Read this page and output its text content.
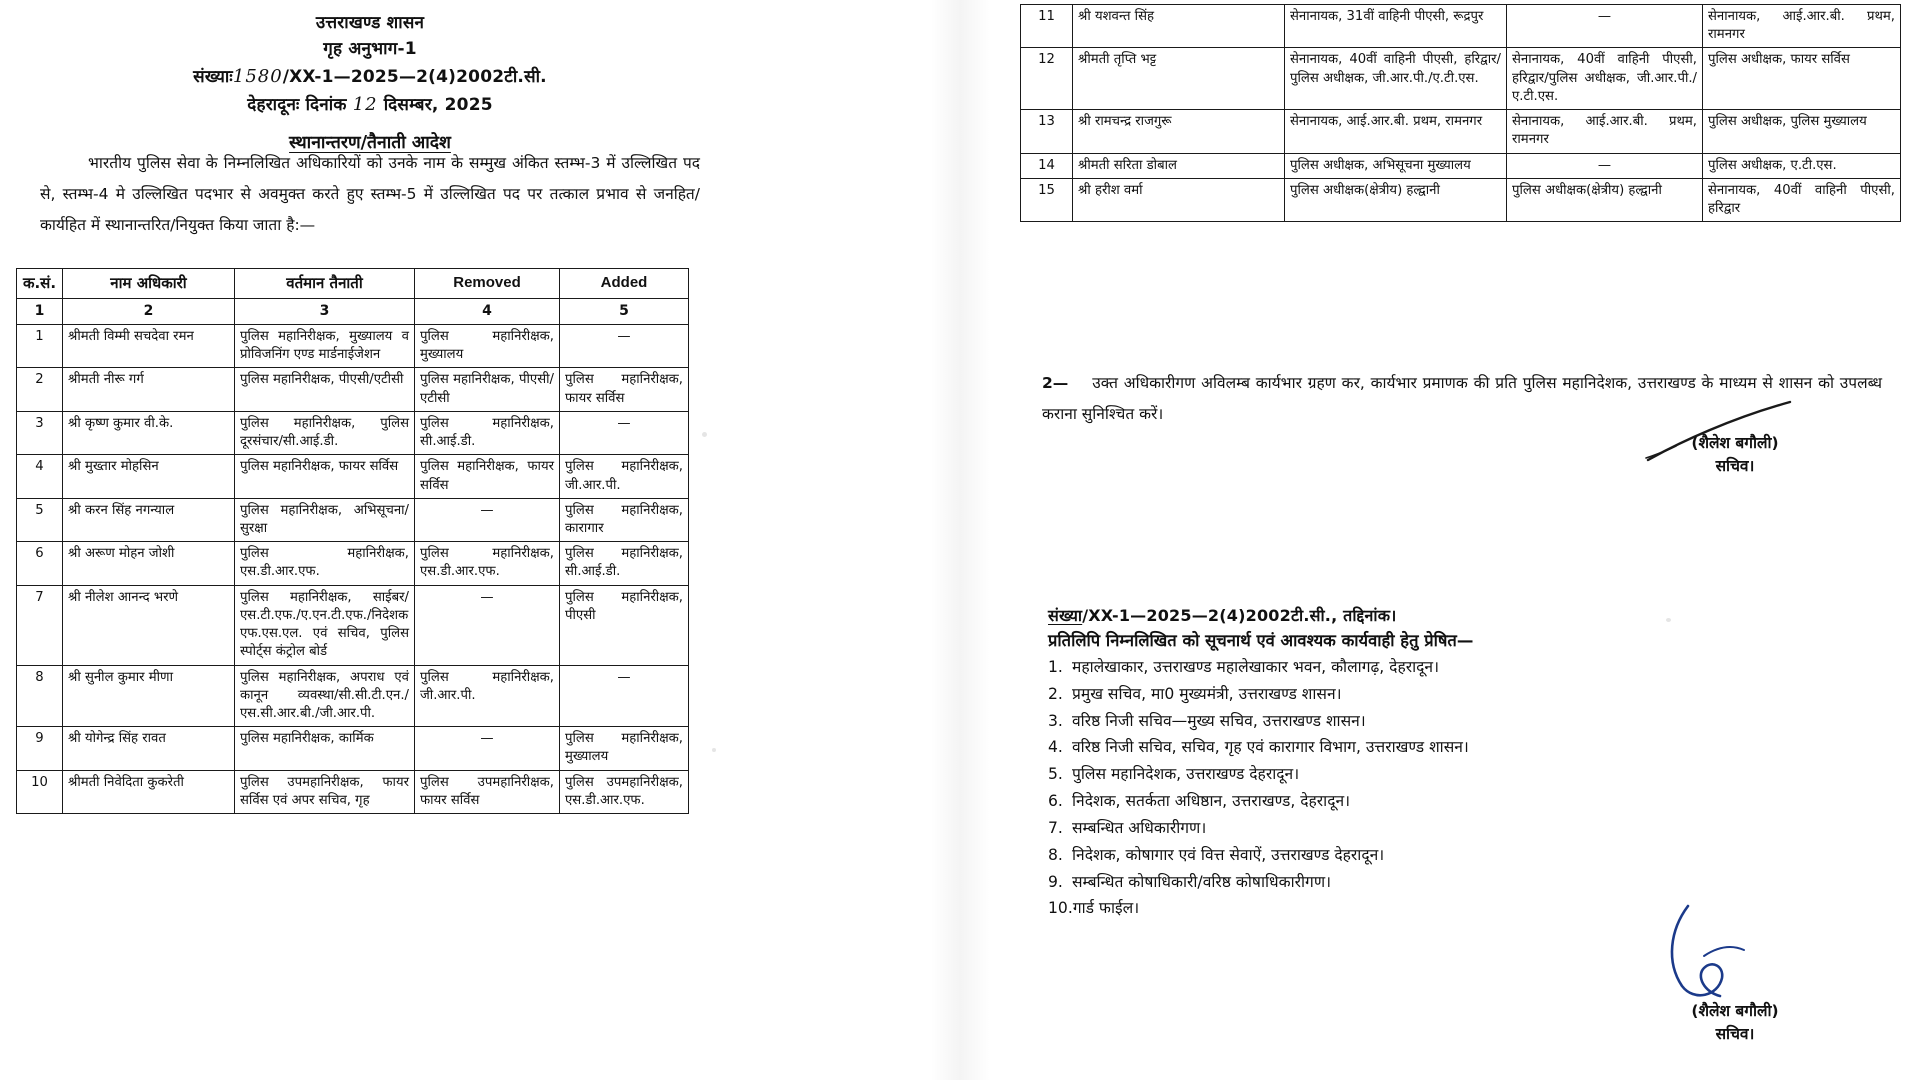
उत्तराखण्ड शासन
गृह अनुभाग-1
संख्याः1580/XX-1—2025—2(4)2002टी.सी.
देहरादूनः दिनांक 12 दिसम्बर, 2025
स्थानान्तरण/तैनाती आदेश
भारतीय पुलिस सेवा के निम्नलिखित अधिकारियों को उनके नाम के सम्मुख अंकित स्तम्भ-3 में उल्लिखित पद से, स्तम्भ-4 मे उल्लिखित पदभार से अवमुक्त करते हुए स्तम्भ-5 में उल्लिखित पद पर तत्काल प्रभाव से जनहित/कार्यहित में स्थानान्तरित/नियुक्त किया जाता है:—
क.सं.	नाम अधिकारी	वर्तमान तैनाती	Removed	Added
1	2	3	4	5
1	श्रीमती विम्मी सचदेवा रमन	पुलिस महानिरीक्षक, मुख्यालय व प्रोविजनिंग एण्ड मार्डनाईजेशन	पुलिस महानिरीक्षक, मुख्यालय	—
2	श्रीमती नीरू गर्ग	पुलिस महानिरीक्षक, पीएसी/एटीसी	पुलिस महानिरीक्षक, पीएसी/एटीसी	पुलिस महानिरीक्षक, फायर सर्विस
3	श्री कृष्ण कुमार वी.के.	पुलिस महानिरीक्षक, पुलिस दूरसंचार/सी.आई.डी.	पुलिस महानिरीक्षक, सी.आई.डी.	—
4	श्री मुख्तार मोहसिन	पुलिस महानिरीक्षक, फायर सर्विस	पुलिस महानिरीक्षक, फायर सर्विस	पुलिस महानिरीक्षक, जी.आर.पी.
5	श्री करन सिंह नगन्याल	पुलिस महानिरीक्षक, अभिसूचना/सुरक्षा	—	पुलिस महानिरीक्षक, कारागार
6	श्री अरूण मोहन जोशी	पुलिस महानिरीक्षक, एस.डी.आर.एफ.	पुलिस महानिरीक्षक, एस.डी.आर.एफ.	पुलिस महानिरीक्षक, सी.आई.डी.
7	श्री नीलेश आनन्द भरणे	पुलिस महानिरीक्षक, साईबर/एस.टी.एफ./ए.एन.टी.एफ./निदेशक एफ.एस.एल. एवं सचिव, पुलिस स्पोर्ट्स कंट्रोल बोर्ड	—	पुलिस महानिरीक्षक, पीएसी
8	श्री सुनील कुमार मीणा	पुलिस महानिरीक्षक, अपराध एवं कानून व्यवस्था/सी.सी.टी.एन./एस.सी.आर.बी./जी.आर.पी.	पुलिस महानिरीक्षक, जी.आर.पी.	—
9	श्री योगेन्द्र सिंह रावत	पुलिस महानिरीक्षक, कार्मिक	—	पुलिस महानिरीक्षक, मुख्यालय
10	श्रीमती निवेदिता कुकरेती	पुलिस उपमहानिरीक्षक, फायर सर्विस एवं अपर सचिव, गृह	पुलिस उपमहानिरीक्षक, फायर सर्विस	पुलिस उपमहानिरीक्षक, एस.डी.आर.एफ.
11	श्री यशवन्त सिंह	सेनानायक, 31वीं वाहिनी पीएसी, रूद्रपुर	—	सेनानायक, आई.आर.बी. प्रथम, रामनगर
12	श्रीमती तृप्ति भट्ट	सेनानायक, 40वीं वाहिनी पीएसी, हरिद्वार/पुलिस अधीक्षक, जी.आर.पी./ए.टी.एस.	सेनानायक, 40वीं वाहिनी पीएसी, हरिद्वार/पुलिस अधीक्षक, जी.आर.पी./ए.टी.एस.	पुलिस अधीक्षक, फायर सर्विस
13	श्री रामचन्द्र राजगुरू	सेनानायक, आई.आर.बी. प्रथम, रामनगर	सेनानायक, आई.आर.बी. प्रथम, रामनगर	पुलिस अधीक्षक, पुलिस मुख्यालय
14	श्रीमती सरिता डोबाल	पुलिस अधीक्षक, अभिसूचना मुख्यालय	—	पुलिस अधीक्षक, ए.टी.एस.
15	श्री हरीश वर्मा	पुलिस अधीक्षक(क्षेत्रीय) हल्द्वानी	पुलिस अधीक्षक(क्षेत्रीय) हल्द्वानी	सेनानायक, 40वीं वाहिनी पीएसी, हरिद्वार
2— उक्त अधिकारीगण अविलम्ब कार्यभार ग्रहण कर, कार्यभार प्रमाणक की प्रति पुलिस महानिदेशक, उत्तराखण्ड के माध्यम से शासन को उपलब्ध कराना सुनिश्चित करें।
(शैलेश बगौली)
सचिव।
संख्या/XX-1—2025—2(4)2002टी.सी., तद्दिनांक।
प्रतिलिपि निम्नलिखित को सूचनार्थ एवं आवश्यक कार्यवाही हेतु प्रेषित—
1. महालेखाकार, उत्तराखण्ड महालेखाकार भवन, कौलागढ़, देहरादून।
2. प्रमुख सचिव, मा0 मुख्यमंत्री, उत्तराखण्ड शासन।
3. वरिष्ठ निजी सचिव—मुख्य सचिव, उत्तराखण्ड शासन।
4. वरिष्ठ निजी सचिव, सचिव, गृह एवं कारागार विभाग, उत्तराखण्ड शासन।
5. पुलिस महानिदेशक, उत्तराखण्ड देहरादून।
6. निदेशक, सतर्कता अधिष्ठान, उत्तराखण्ड, देहरादून।
7. सम्बन्धित अधिकारीगण।
8. निदेशक, कोषागार एवं वित्त सेवाऐं, उत्तराखण्ड देहरादून।
9. सम्बन्धित कोषाधिकारी/वरिष्ठ कोषाधिकारीगण।
10.गार्ड फाईल।
(शैलेश बगौली)
सचिव।
